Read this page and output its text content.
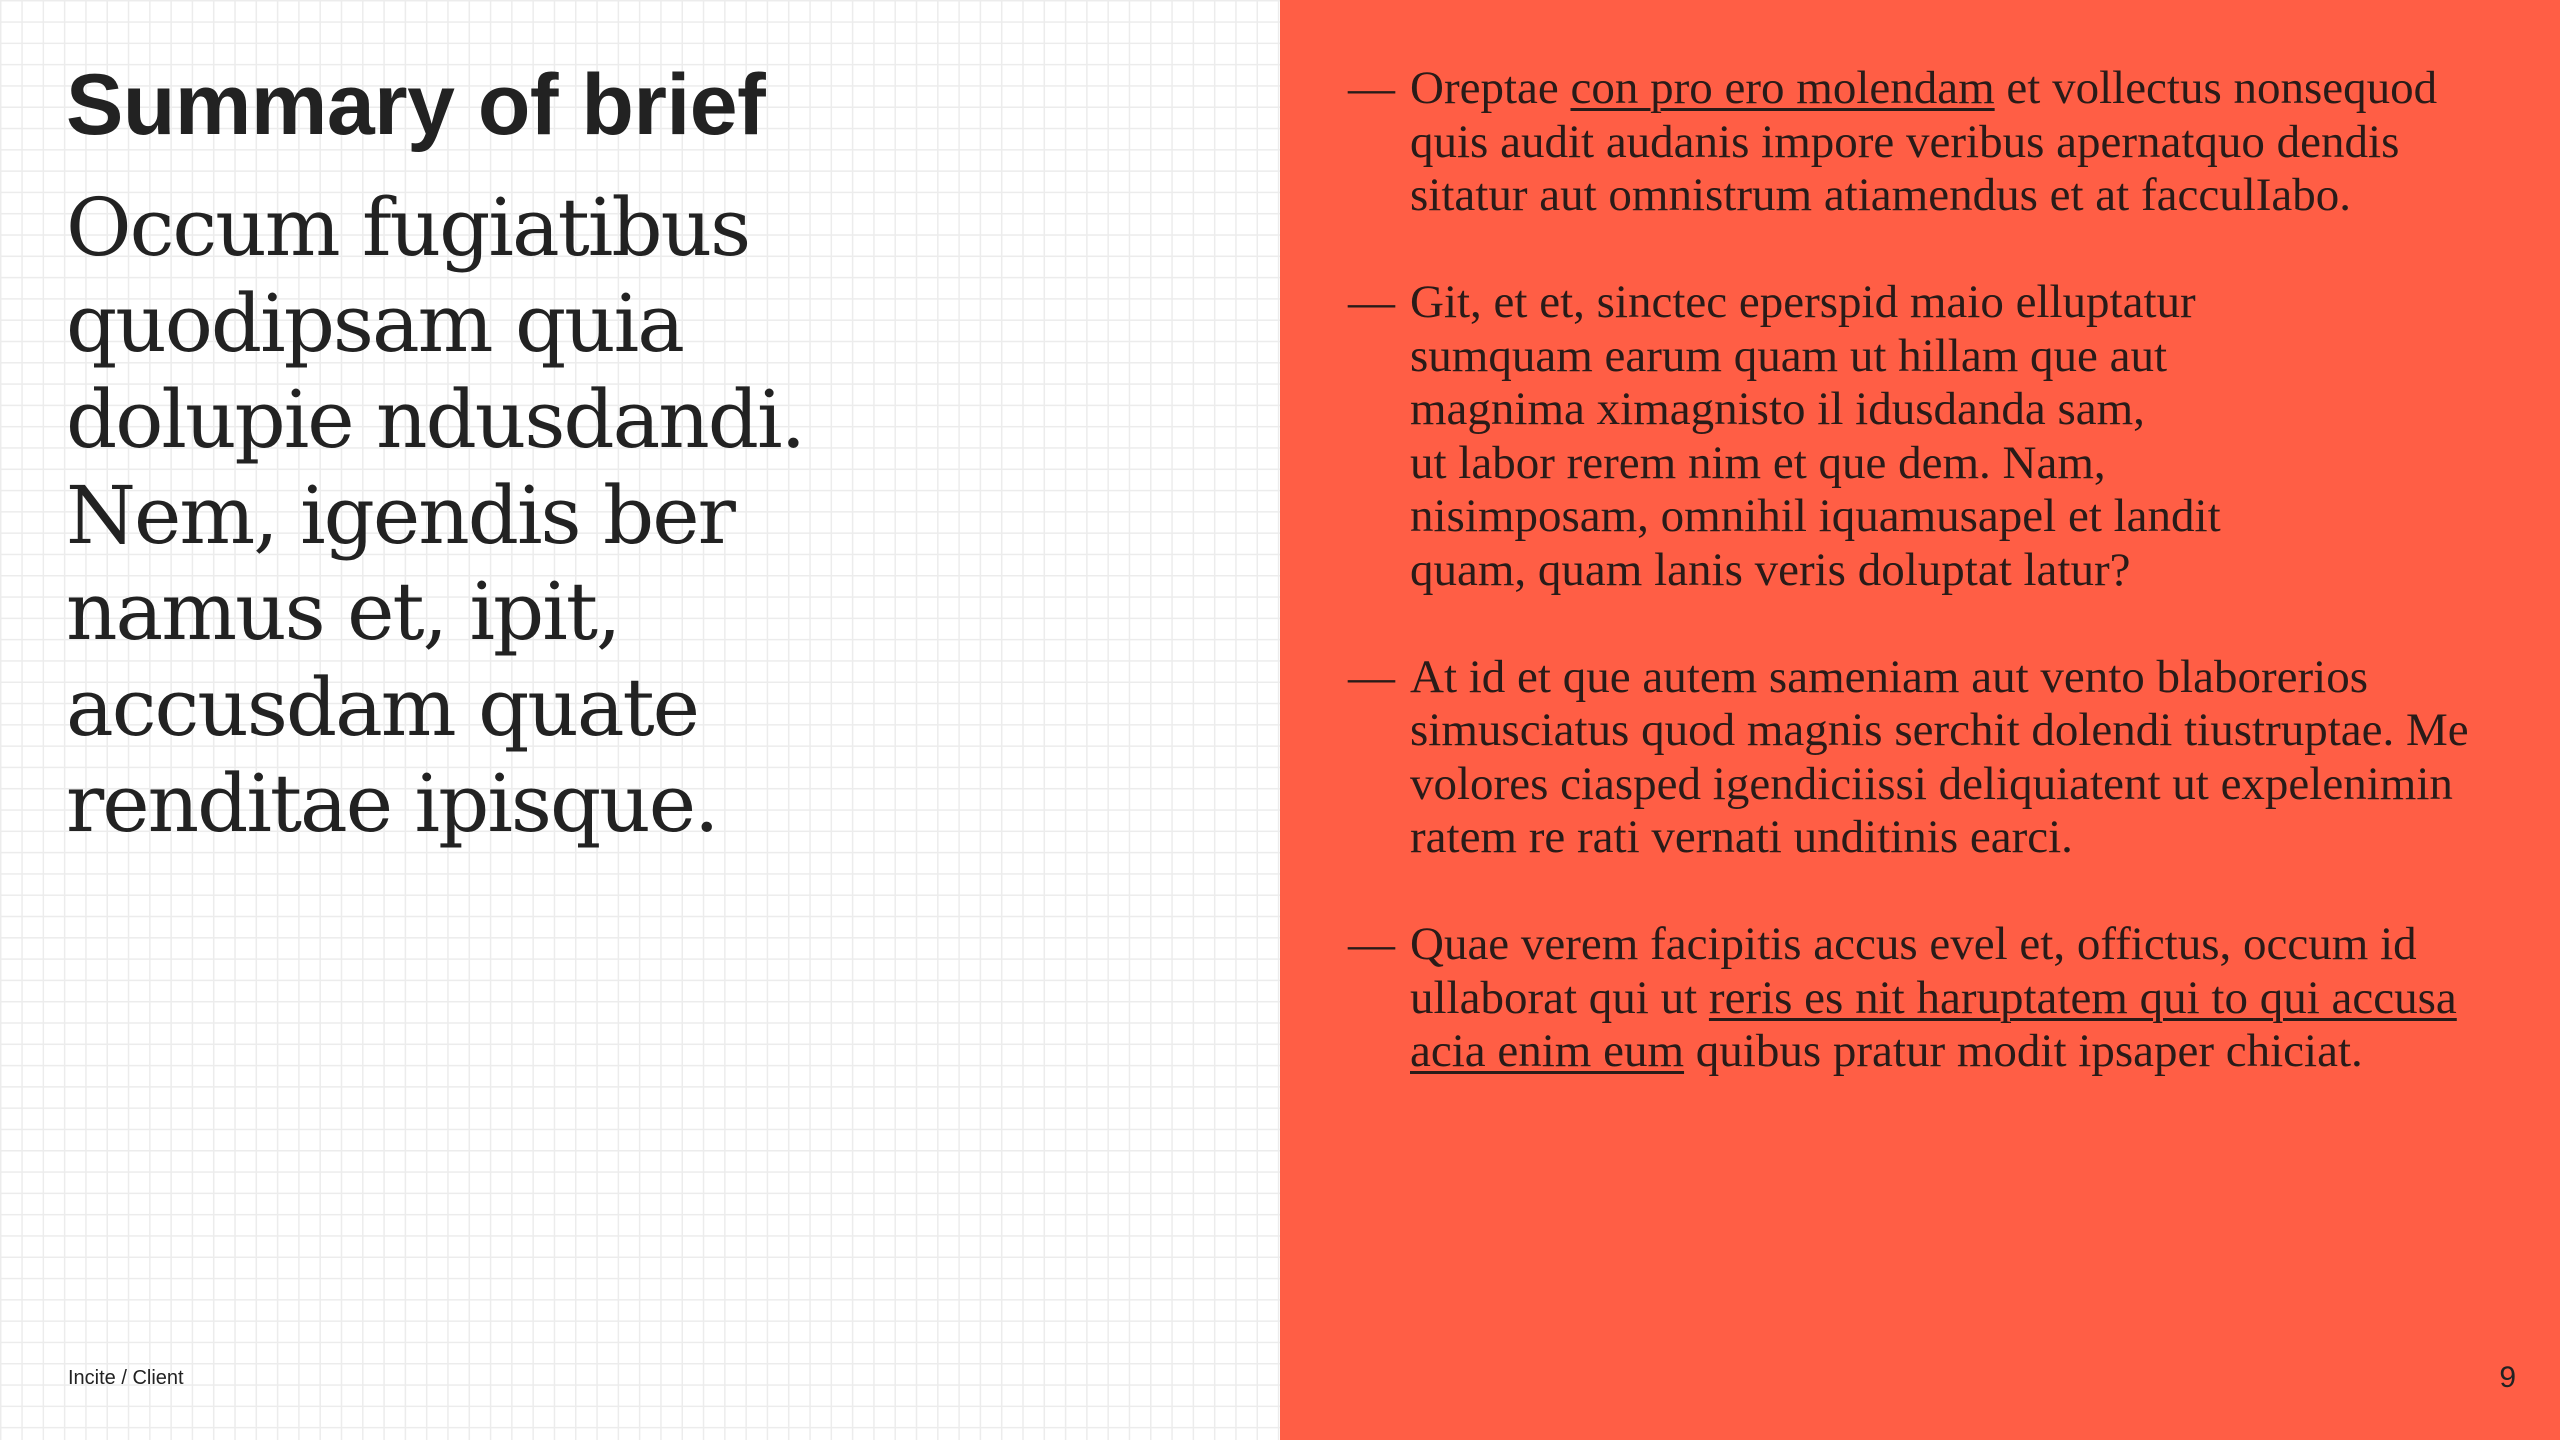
Summary of brief

Occum fugiatibus quodipsam quia dolupie ndusdandi. Nem, igendis ber namus et, ipit, accusdam quate renditae ipisque.

— Oreptae con pro ero molendam et vollectus nonsequod quis audit audanis impore veribus apernatquo dendis sitatur aut omnistrum atiamendus et at facculIabo.
— Git, et et, sinctec eperspid maio elluptatur
sumquam earum quam ut hillam que aut
magnima ximagnisto il idusdanda sam,
ut labor rerem nim et que dem. Nam,
nisimposam, omnihil iquamusapel et landit
quam, quam lanis veris doluptat latur?
— At id et que autem sameniam aut vento blaborerios simusciatus quod magnis serchit dolendi tiustruptae. Me volores ciasped igendiciissi deliquiatent ut expelenimin ratem re rati vernati unditinis earci.
— Quae verem facipitis accus evel et, offictus, occum id ullaborat qui ut reris es nit haruptatem qui to qui accusa acia enim eum quibus pratur modit ipsaper chiciat.
Incite / Client	9
